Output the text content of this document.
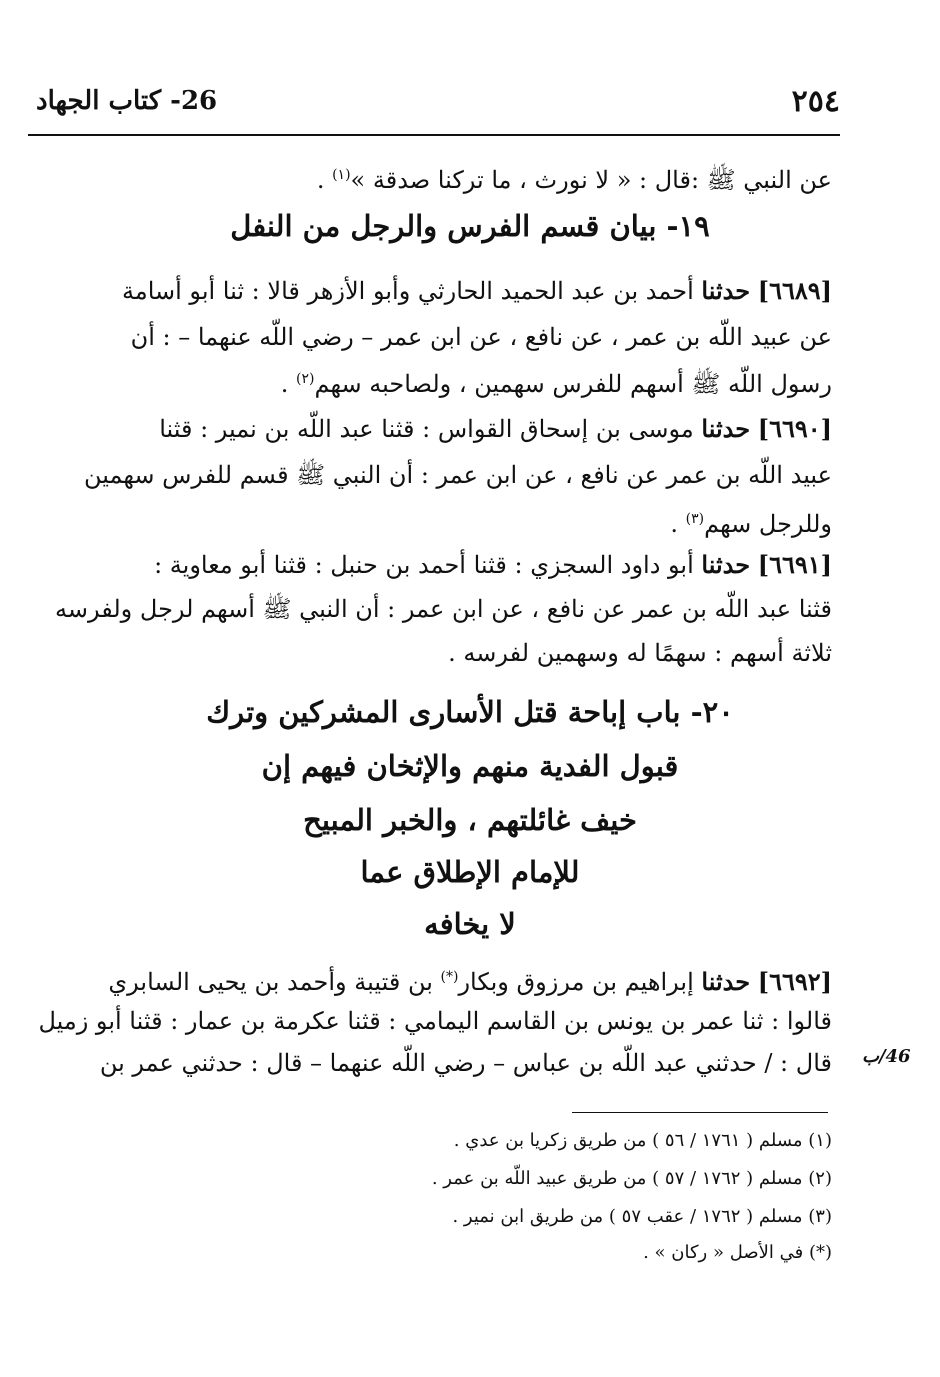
٢٥٤
26- كتاب الجهاد
عن النبي ﷺ :قال : « لا نورث ، ما تركنا صدقة »$^{(١)}$ .
١٩- بيان قسم الفرس والرجل من النفل
[٦٦٨٩] حدثنا أحمد بن عبد الحميد الحارثي وأبو الأزهر قالا : ثنا أبو أسامة
عن عبيد اللّه بن عمر ، عن نافع ، عن ابن عمر – رضي اللّه عنهما – : أن
رسول اللّه ﷺ أسهم للفرس سهمين ، ولصاحبه سهم$^{(٢)}$ .
[٦٦٩٠] حدثنا موسى بن إسحاق القواس : قثنا عبد اللّه بن نمير : قثنا
عبيد اللّه بن عمر عن نافع ، عن ابن عمر : أن النبي ﷺ قسم للفرس سهمين
وللرجل سهم$^{(٣)}$ .
[٦٦٩١] حدثنا أبو داود السجزي : قثنا أحمد بن حنبل : قثنا أبو معاوية :
قثنا عبد اللّه بن عمر عن نافع ، عن ابن عمر : أن النبي ﷺ أسهم لرجل ولفرسه
ثلاثة أسهم : سهمًا له وسهمين لفرسه .
٢٠- باب إباحة قتل الأسارى المشركين وترك
قبول الفدية منهم والإثخان فيهم إن
خيف غائلتهم ، والخبر المبيح
للإمام الإطلاق عما
لا يخافه
[٦٦٩٢] حدثنا إبراهيم بن مرزوق وبكار(*) بن قتيبة وأحمد بن يحيى السابري
قالوا : ثنا عمر بن يونس بن القاسم اليمامي : قثنا عكرمة بن عمار : قثنا أبو زميل
قال : / حدثني عبد اللّه بن عباس – رضي اللّه عنهما – قال : حدثني عمر بن 46/ب
(١) مسلم ( ١٧٦١ / ٥٦ ) من طريق زكريا بن عدي .
(٢) مسلم ( ١٧٦٢ / ٥٧ ) من طريق عبيد اللّه بن عمر .
(٣) مسلم ( ١٧٦٢ / عقب ٥٧ ) من طريق ابن نمير .
(*) في الأصل « ركان » .
